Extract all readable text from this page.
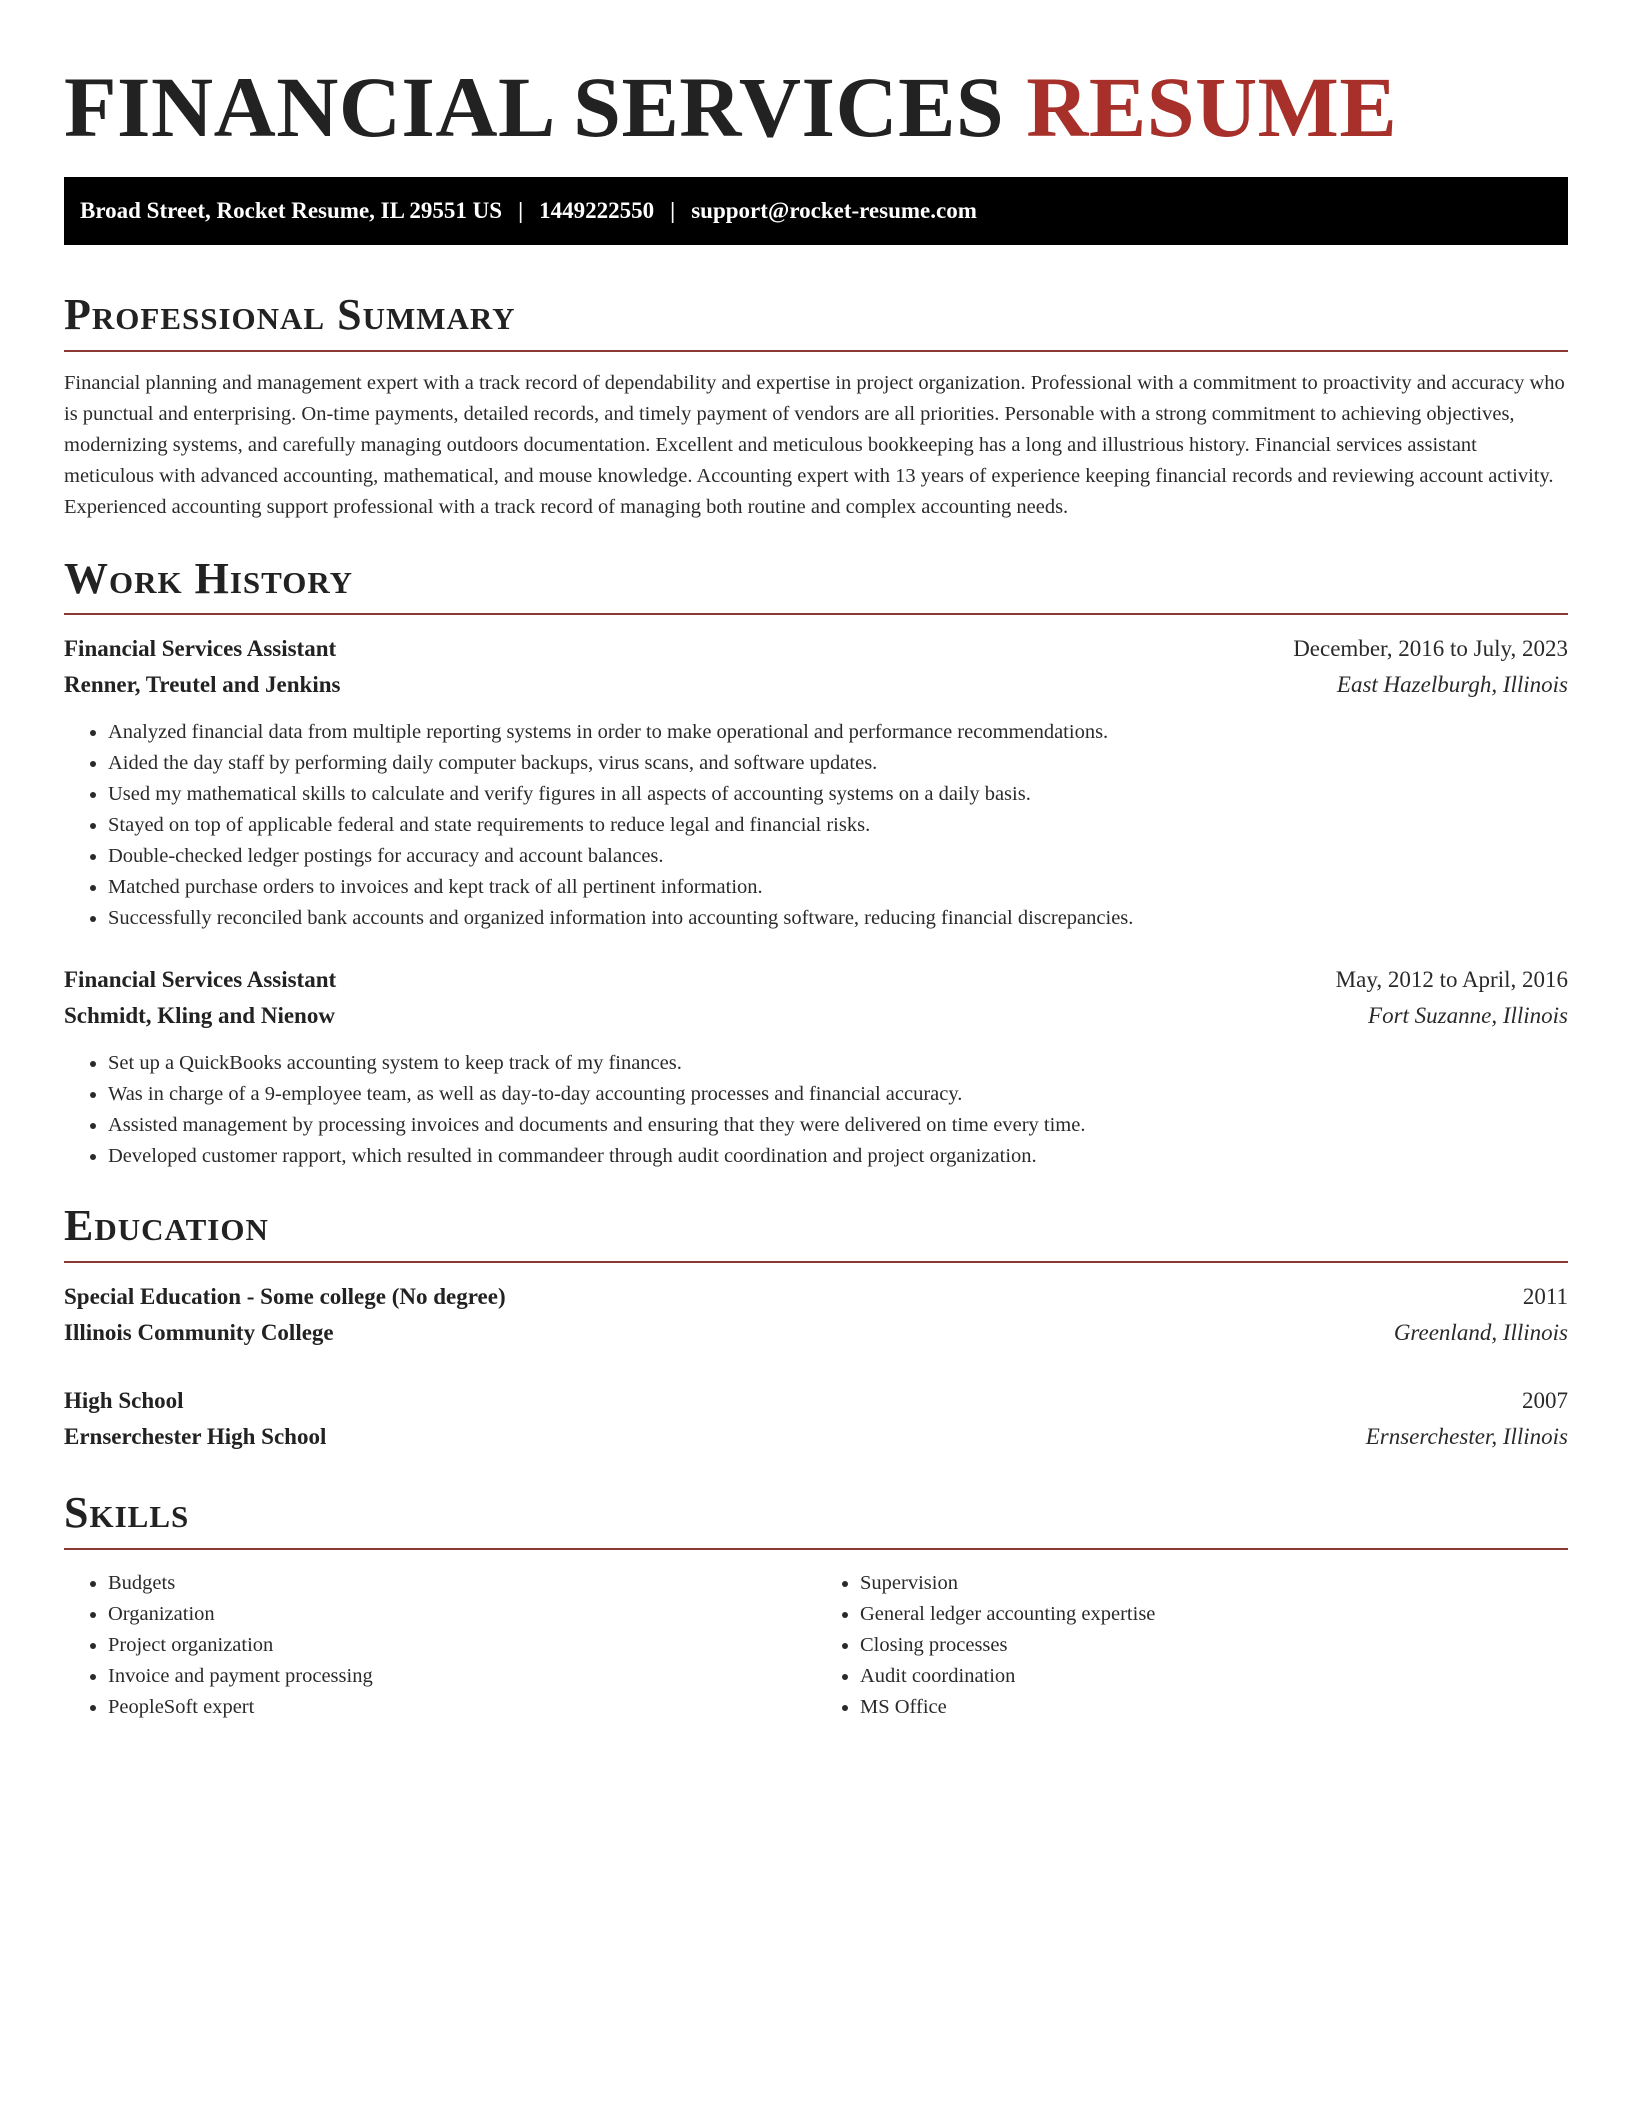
FINANCIAL SERVICES RESUME
Broad Street, Rocket Resume, IL 29551 US | 1449222550 | support@rocket-resume.com
Professional Summary

Financial planning and management expert with a track record of dependability and expertise in project organization. Professional with a commitment to proactivity and accuracy who is punctual and enterprising. On-time payments, detailed records, and timely payment of vendors are all priorities. Personable with a strong commitment to achieving objectives, modernizing systems, and carefully managing outdoors documentation. Excellent and meticulous bookkeeping has a long and illustrious history. Financial services assistant meticulous with advanced accounting, mathematical, and mouse knowledge. Accounting expert with 13 years of experience keeping financial records and reviewing account activity. Experienced accounting support professional with a track record of managing both routine and complex accounting needs.

Work History
Financial Services Assistant	December, 2016 to July, 2023
Renner, Treutel and Jenkins	East Hazelburgh, Illinois
• Analyzed financial data from multiple reporting systems in order to make operational and performance recommendations.
• Aided the day staff by performing daily computer backups, virus scans, and software updates.
• Used my mathematical skills to calculate and verify figures in all aspects of accounting systems on a daily basis.
• Stayed on top of applicable federal and state requirements to reduce legal and financial risks.
• Double-checked ledger postings for accuracy and account balances.
• Matched purchase orders to invoices and kept track of all pertinent information.
• Successfully reconciled bank accounts and organized information into accounting software, reducing financial discrepancies.
Financial Services Assistant	May, 2012 to April, 2016
Schmidt, Kling and Nienow	Fort Suzanne, Illinois
• Set up a QuickBooks accounting system to keep track of my finances.
• Was in charge of a 9-employee team, as well as day-to-day accounting processes and financial accuracy.
• Assisted management by processing invoices and documents and ensuring that they were delivered on time every time.
• Developed customer rapport, which resulted in commandeer through audit coordination and project organization.
Education
Special Education - Some college (No degree)	2011
Illinois Community College	Greenland, Illinois
High School	2007
Ernserchester High School	Ernserchester, Illinois
Skills
• Budgets
• Organization
• Project organization
• Invoice and payment processing
• PeopleSoft expert
• Supervision
• General ledger accounting expertise
• Closing processes
• Audit coordination
• MS Office
